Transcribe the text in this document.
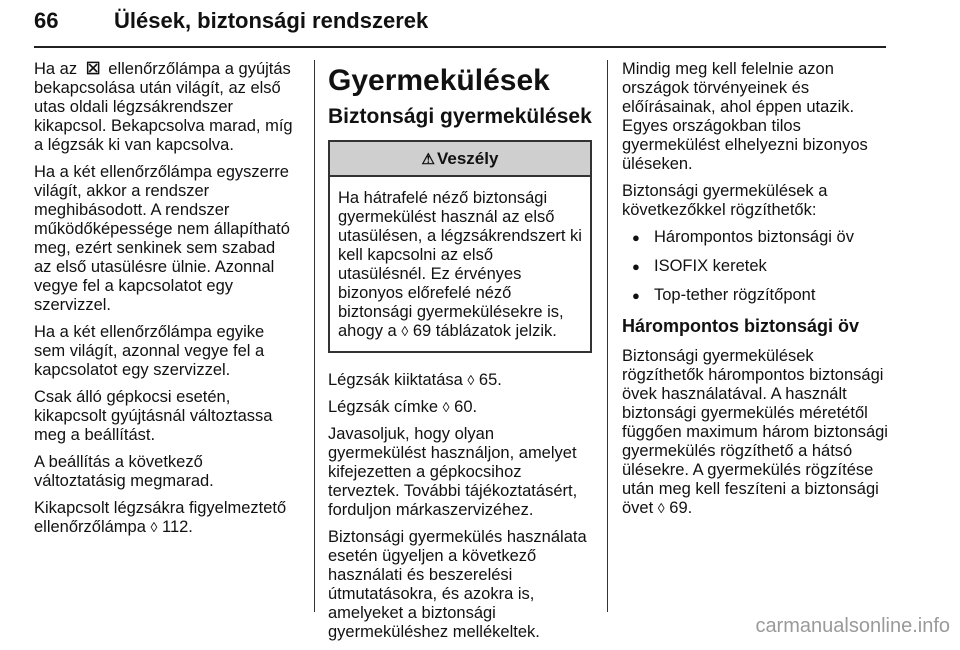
66	Ülések, biztonsági rendszerek

Ha az ☒ ellenőrzőlámpa a gyújtás bekapcsolása után világít, az első utas oldali légzsákrendszer kikapcsol. Bekapcsolva marad, míg a légzsák ki van kapcsolva.

Ha a két ellenőrzőlámpa egyszerre világít, akkor a rendszer meghibásodott. A rendszer működőképessége nem állapítható meg, ezért senkinek sem szabad az első utasülésre ülnie. Azonnal vegye fel a kapcsolatot egy szervizzel.

Ha a két ellenőrzőlámpa egyike sem világít, azonnal vegye fel a kapcsolatot egy szervizzel.

Csak álló gépkocsi esetén, kikapcsolt gyújtásnál változtassa meg a beállítást.

A beállítás a következő változtatásig megmarad.

Kikapcsolt légzsákra figyelmeztető ellenőrzőlámpa ◊ 112.

Gyermekülések
Biztonsági gyermekülések
⚠ Veszély
Ha hátrafelé néző biztonsági gyermekülést használ az első utasülésen, a légzsákrendszert ki kell kapcsolni az első utasülésnél. Ez érvényes bizonyos előrefelé néző biztonsági gyermekülésekre is, ahogy a ◊ 69 táblázatok jelzik.

Légzsák kiiktatása ◊ 65.

Légzsák címke ◊ 60.

Javasoljuk, hogy olyan gyermekülést használjon, amelyet kifejezetten a gépkocsihoz terveztek. További tájékoztatásért, forduljon márkaszervizéhez.

Biztonsági gyermekülés használata esetén ügyeljen a következő használati és beszerelési útmutatásokra, és azokra is, amelyeket a biztonsági gyermeküléshez mellékeltek.

Mindig meg kell felelnie azon országok törvényeinek és előírásainak, ahol éppen utazik. Egyes országokban tilos gyermekülést elhelyezni bizonyos üléseken.

Biztonsági gyermekülések a következőkkel rögzíthetők:

● Hárompontos biztonsági öv
● ISOFIX keretek
● Top-tether rögzítőpont
Hárompontos biztonsági öv

Biztonsági gyermekülések rögzíthetők hárompontos biztonsági övek használatával. A használt biztonsági gyermekülés méretétől függően maximum három biztonsági gyermekülés rögzíthető a hátsó ülésekre. A gyermekülés rögzítése után meg kell feszíteni a biztonsági övet ◊ 69.

carmanualsonline.info
